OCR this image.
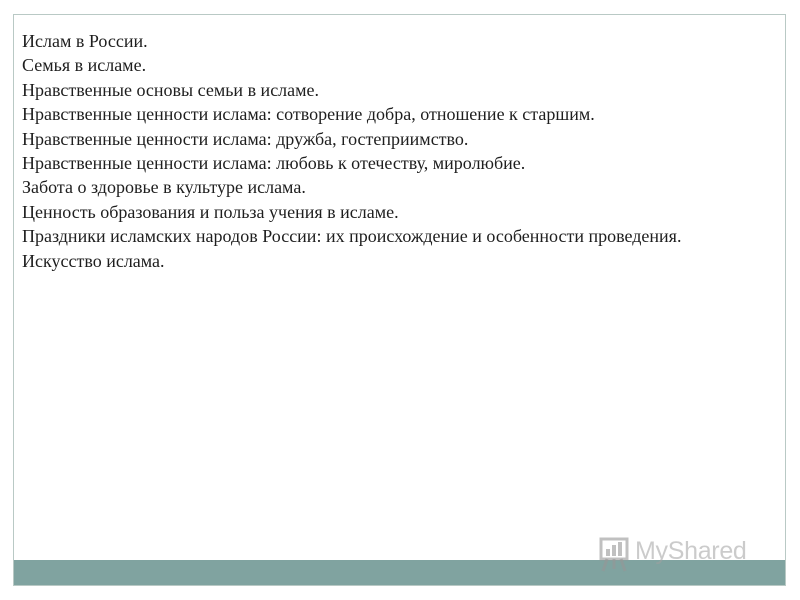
Ислам в России.
Семья в исламе.
Нравственные основы семьи в исламе.
Нравственные ценности ислама: сотворение добра, отношение к старшим.
Нравственные ценности ислама: дружба, гостеприимство.
Нравственные ценности ислама: любовь к отечеству, миролюбие.
Забота о здоровье в культуре ислама.
Ценность образования и польза учения в исламе.
Праздники исламских народов России: их происхождение и особенности проведения.
Искусство ислама.
MyShared
